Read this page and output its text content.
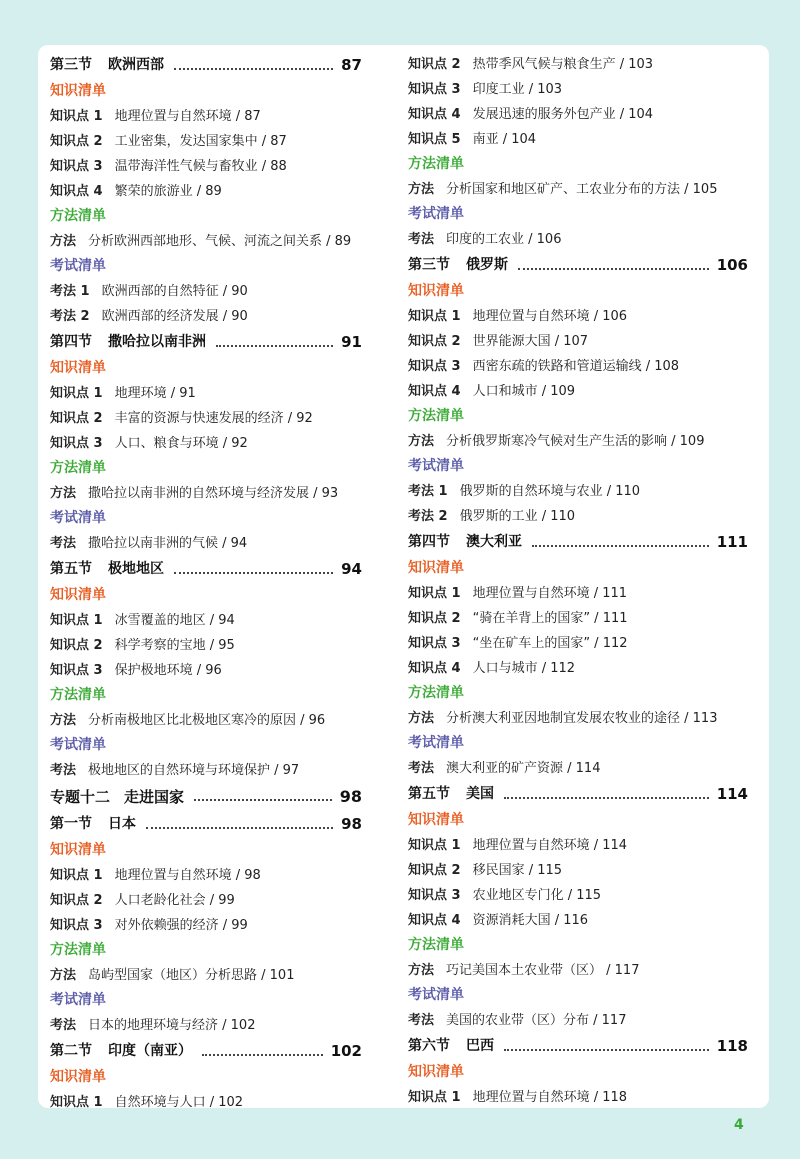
第三节 欧洲西部	87
知识清单
知识点 1 地理位置与自然环境 / 87
知识点 2 工业密集，发达国家集中 / 87
知识点 3 温带海洋性气候与畜牧业 / 88
知识点 4 繁荣的旅游业 / 89
方法清单
方法 分析欧洲西部地形、气候、河流之间关系 / 89
考试清单
考法 1 欧洲西部的自然特征 / 90
考法 2 欧洲西部的经济发展 / 90
第四节 撒哈拉以南非洲	91
知识清单
知识点 1 地理环境 / 91
知识点 2 丰富的资源与快速发展的经济 / 92
知识点 3 人口、粮食与环境 / 92
方法清单
方法 撒哈拉以南非洲的自然环境与经济发展 / 93
考试清单
考法 撒哈拉以南非洲的气候 / 94
第五节 极地地区	94
知识清单
知识点 1 冰雪覆盖的地区 / 94
知识点 2 科学考察的宝地 / 95
知识点 3 保护极地环境 / 96
方法清单
方法 分析南极地区比北极地区寒冷的原因 / 96
考试清单
考法 极地地区的自然环境与环境保护 / 97
专题十二 走进国家	98
第一节 日本	98
知识清单
知识点 1 地理位置与自然环境 / 98
知识点 2 人口老龄化社会 / 99
知识点 3 对外依赖强的经济 / 99
方法清单
方法 岛屿型国家（地区）分析思路 / 101
考试清单
考法 日本的地理环境与经济 / 102
第二节 印度（南亚）	102
知识清单
知识点 1 自然环境与人口 / 102
知识点 2 热带季风气候与粮食生产 / 103
知识点 3 印度工业 / 103
知识点 4 发展迅速的服务外包产业 / 104
知识点 5 南亚 / 104
方法清单
方法 分析国家和地区矿产、工农业分布的方法 / 105
考试清单
考法 印度的工农业 / 106
第三节 俄罗斯	106
知识清单
知识点 1 地理位置与自然环境 / 106
知识点 2 世界能源大国 / 107
知识点 3 西密东疏的铁路和管道运输线 / 108
知识点 4 人口和城市 / 109
方法清单
方法 分析俄罗斯寒冷气候对生产生活的影响 / 109
考试清单
考法 1 俄罗斯的自然环境与农业 / 110
考法 2 俄罗斯的工业 / 110
第四节 澳大利亚	111
知识清单
知识点 1 地理位置与自然环境 / 111
知识点 2 “骑在羊背上的国家” / 111
知识点 3 “坐在矿车上的国家” / 112
知识点 4 人口与城市 / 112
方法清单
方法 分析澳大利亚因地制宜发展农牧业的途径 / 113
考试清单
考法 澳大利亚的矿产资源 / 114
第五节 美国	114
知识清单
知识点 1 地理位置与自然环境 / 114
知识点 2 移民国家 / 115
知识点 3 农业地区专门化 / 115
知识点 4 资源消耗大国 / 116
方法清单
方法 巧记美国本土农业带（区） / 117
考试清单
考法 美国的农业带（区）分布 / 117
第六节 巴西	118
知识清单
知识点 1 地理位置与自然环境 / 118
4
